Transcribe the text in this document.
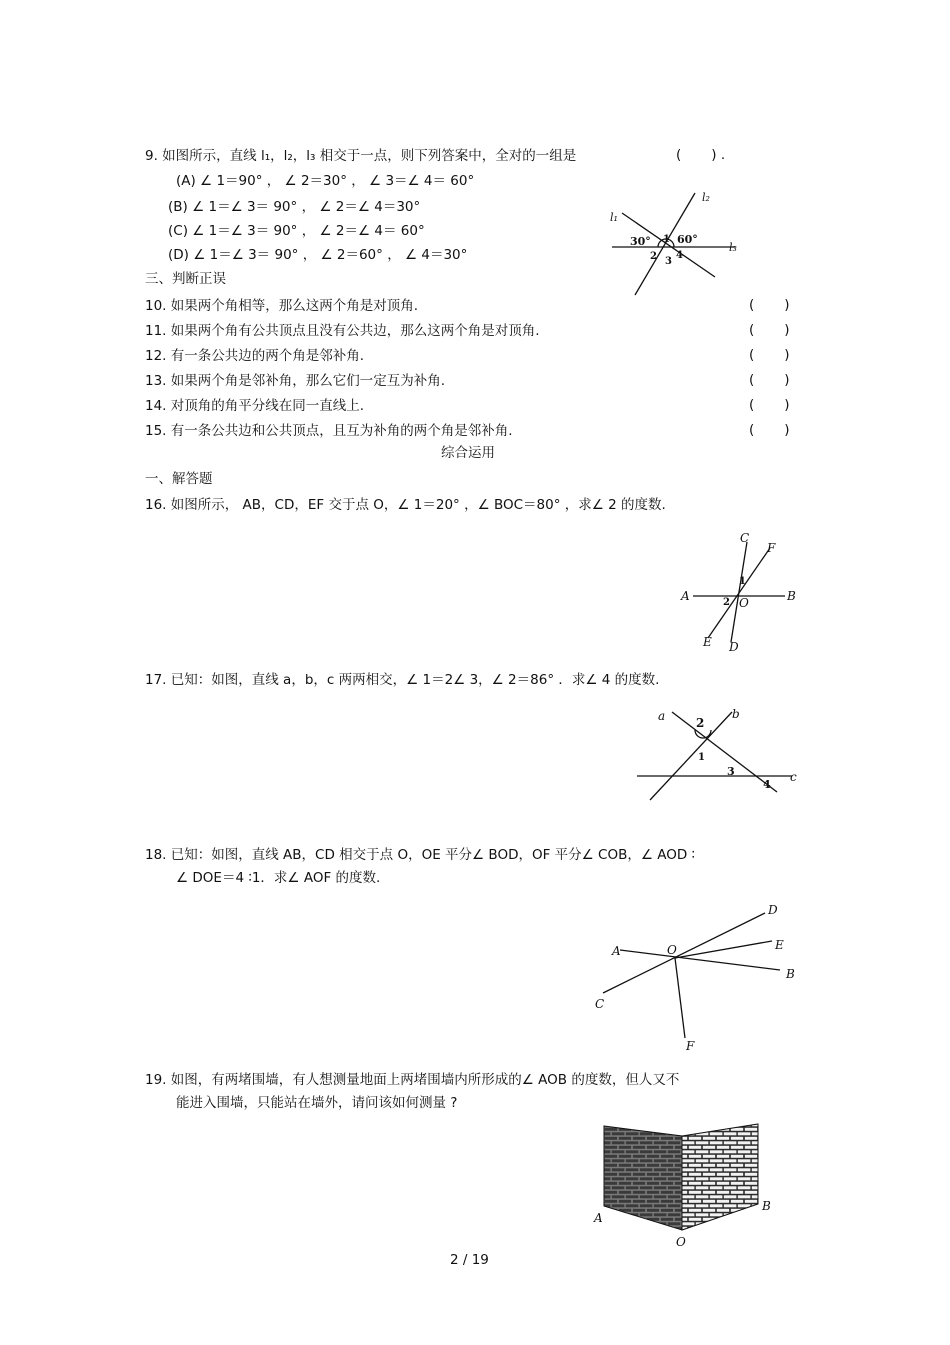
9. 如图所示，直线 l₁，l₂，l₃ 相交于一点，则下列答案中，全对的一组是	(       ) .
(A) ∠ 1＝90° ， ∠ 2＝30° ， ∠ 3＝∠ 4＝ 60°
(B) ∠ 1＝∠ 3＝ 90° ， ∠ 2＝∠ 4＝30°
(C) ∠ 1＝∠ 3＝ 90° ， ∠ 2＝∠ 4＝ 60°
(D) ∠ 1＝∠ 3＝ 90° ， ∠ 2＝60° ， ∠ 4＝30°
l₂
l₁
l₃
30° 60°
1
2 3
4
三、判断正误
10. 如果两个角相等，那么这两个角是对顶角.	(       )
11. 如果两个角有公共顶点且没有公共边，那么这两个角是对顶角.	(       )
12. 有一条公共边的两个角是邻补角.	(       )
13. 如果两个角是邻补角，那么它们一定互为补角.	(       )
14. 对顶角的角平分线在同一直线上.	(       )
15. 有一条公共边和公共顶点，且互为补角的两个角是邻补角.	(       )
综合运用
一、解答题
16. 如图所示， AB，CD，EF 交于点 O，∠ 1＝20° ，∠ BOC＝80° ，求∠ 2 的度数.
A	B
C
D
E
F
O
1
2
17. 已知：如图，直线 a，b，c 两两相交，∠ 1＝2∠ 3，∠ 2＝86° ．求∠ 4 的度数.
a	b
c
2
1
3
4
18. 已知：如图，直线 AB，CD 相交于点 O，OE 平分∠ BOD，OF 平分∠ COB，∠ AOD ∶
∠ DOE＝4 ∶1．求∠ AOF 的度数.
A
B
C
D
E
F
O
19. 如图，有两堵围墙，有人想测量地面上两堵围墙内所形成的∠ AOB 的度数，但人又不
能进入围墙，只能站在墙外，请问该如何测量 ?
A
B
O
2 / 19
